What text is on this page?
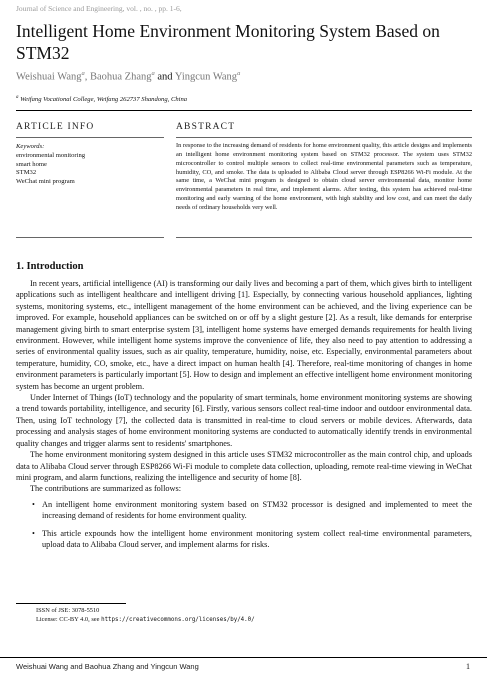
Journal of Science and Engineering, vol. , no. , pp. 1-6,
Intelligent Home Environment Monitoring System Based on STM32
Weishuai Wang$^a$, Baohua Zhang$^a$ and Yingcun Wang$^a$
$^a$ Weifang Vocational College, Weifang 262737 Shandong, China
ARTICLE INFO	ABSTRACT
Keywords:
environmental monitoring
smart home
STM32
WeChat mini program
In response to the increasing demand of residents for home environment quality, this article designs and implements an intelligent home environment monitoring system based on STM32 processor. The system uses STM32 microcontroller to control multiple sensors to collect real-time environmental parameters such as temperature, humidity, CO, and smoke. The data is uploaded to Alibaba Cloud server through ESP8266 Wi-Fi module. At the same time, a WeChat mini program is designed to obtain cloud server environmental data, monitor home environmental parameters in real time, and implement alarms. After testing, this system has achieved real-time monitoring and early warning of the home environment, with high stability and low cost, and can meet the daily needs of ordinary households very well.
1. Introduction

In recent years, artificial intelligence (AI) is transforming our daily lives and becoming a part of them, which gives birth to intelligent applications such as intelligent healthcare and intelligent driving [1]. Especially, by connecting various household appliances, lighting systems, monitoring systems, etc., intelligent management of the home environment can be achieved, and the living experience can be improved. For example, household appliances can be switched on or off by a slight gesture [2]. As a result, like demands for enterprise management giving birth to smart enterprise system [3], intelligent home systems have emerged demands requirements for health living environment. However, while intelligent home systems improve the convenience of life, they also need to pay attention to addressing a series of environmental quality issues, such as air quality, temperature, humidity, noise, etc. Especially, environmental parameters about temperature, humidity, CO, smoke, etc., have a direct impact on human health [4]. Therefore, real-time monitoring of changes in home environment parameters is particularly important [5]. How to design and implement an effective intelligent home environment monitoring system has become an urgent problem.

Under Internet of Things (IoT) technology and the popularity of smart terminals, home environment monitoring systems are showing a trend towards portability, intelligence, and security [6]. Firstly, various sensors collect real-time indoor and outdoor environmental data. Then, using IoT technology [7], the collected data is transmitted in real-time to cloud servers or mobile devices. Afterwards, data processing and analysis stages of home environment monitoring systems are conducted to automatically identify trends in environmental quality changes and trigger alarms sent to residents' smartphones.

The home environment monitoring system designed in this article uses STM32 microcontroller as the main control chip, and uploads data to Alibaba Cloud server through ESP8266 Wi-Fi module to complete data collection, uploading, remote real-time viewing in WeChat mini program, and alarm functions, realizing the intelligence and security of home [8].

The contributions are summarized as follows:

• An intelligent home environment monitoring system based on STM32 processor is designed and implemented to meet the increasing demand of residents for home environment quality.
• This article expounds how the intelligent home environment monitoring system collect real-time environmental parameters, upload data to Alibaba Cloud server, and implement alarms for risks.
ISSN of JSE: 3078-5510
License: CC-BY 4.0, see https://creativecommons.org/licenses/by/4.0/
Weishuai Wang and Baohua Zhang and Yingcun Wang	1
